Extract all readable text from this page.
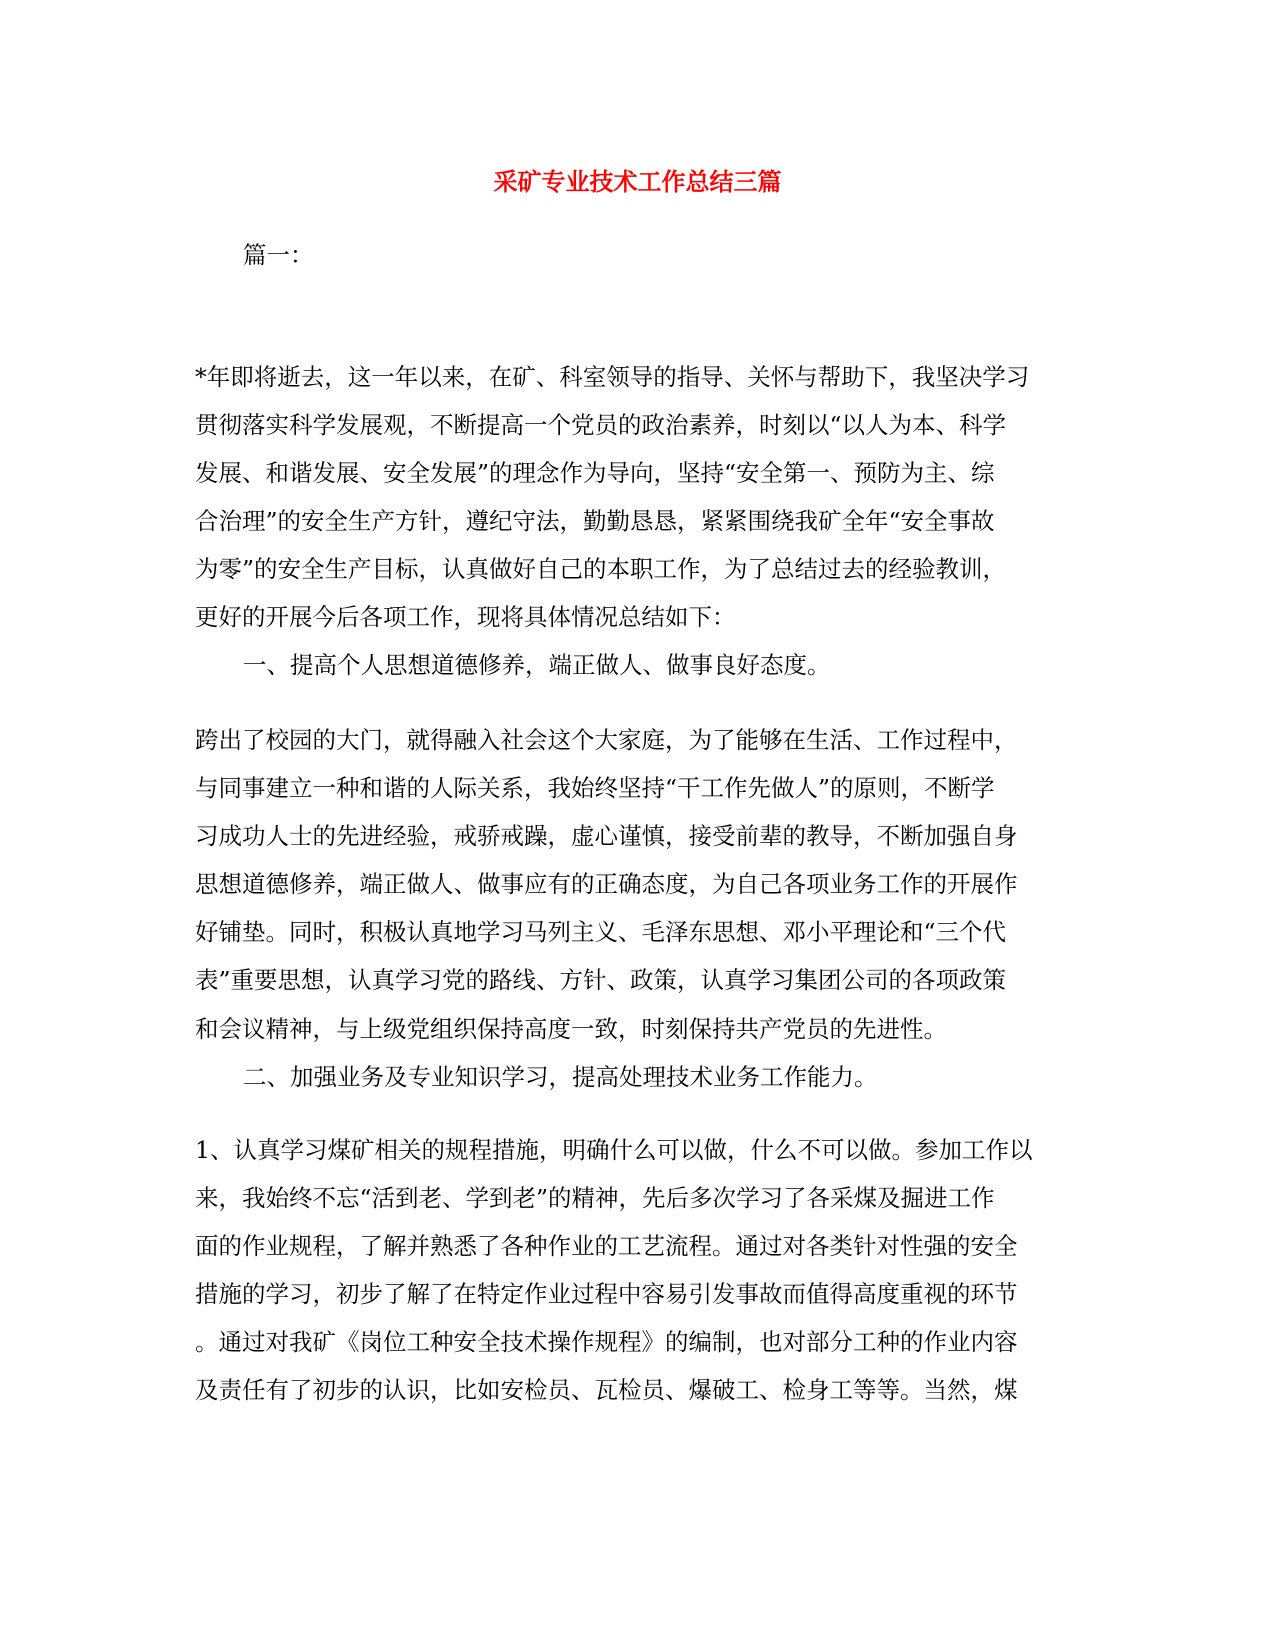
采矿专业技术工作总结三篇

篇一：

*年即将逝去，这一年以来，在矿、科室领导的指导、关怀与帮助下，我坚决学习
贯彻落实科学发展观，不断提高一个党员的政治素养，时刻以“以人为本、科学
发展、和谐发展、安全发展”的理念作为导向，坚持“安全第一、预防为主、综
合治理”的安全生产方针，遵纪守法，勤勤恳恳，紧紧围绕我矿全年“安全事故
为零”的安全生产目标，认真做好自己的本职工作，为了总结过去的经验教训，
更好的开展今后各项工作，现将具体情况总结如下：

一、提高个人思想道德修养，端正做人、做事良好态度。

跨出了校园的大门，就得融入社会这个大家庭，为了能够在生活、工作过程中，
与同事建立一种和谐的人际关系，我始终坚持“干工作先做人”的原则，不断学
习成功人士的先进经验，戒骄戒躁，虚心谨慎，接受前辈的教导，不断加强自身
思想道德修养，端正做人、做事应有的正确态度，为自己各项业务工作的开展作
好铺垫。同时，积极认真地学习马列主义、毛泽东思想、邓小平理论和“三个代
表”重要思想，认真学习党的路线、方针、政策，认真学习集团公司的各项政策
和会议精神，与上级党组织保持高度一致，时刻保持共产党员的先进性。

二、加强业务及专业知识学习，提高处理技术业务工作能力。

1、认真学习煤矿相关的规程措施，明确什么可以做，什么不可以做。参加工作以
来，我始终不忘“活到老、学到老”的精神，先后多次学习了各采煤及掘进工作
面的作业规程，了解并熟悉了各种作业的工艺流程。通过对各类针对性强的安全
措施的学习，初步了解了在特定作业过程中容易引发事故而值得高度重视的环节
。通过对我矿《岗位工种安全技术操作规程》的编制，也对部分工种的作业内容
及责任有了初步的认识，比如安检员、瓦检员、爆破工、检身工等等。当然，煤
